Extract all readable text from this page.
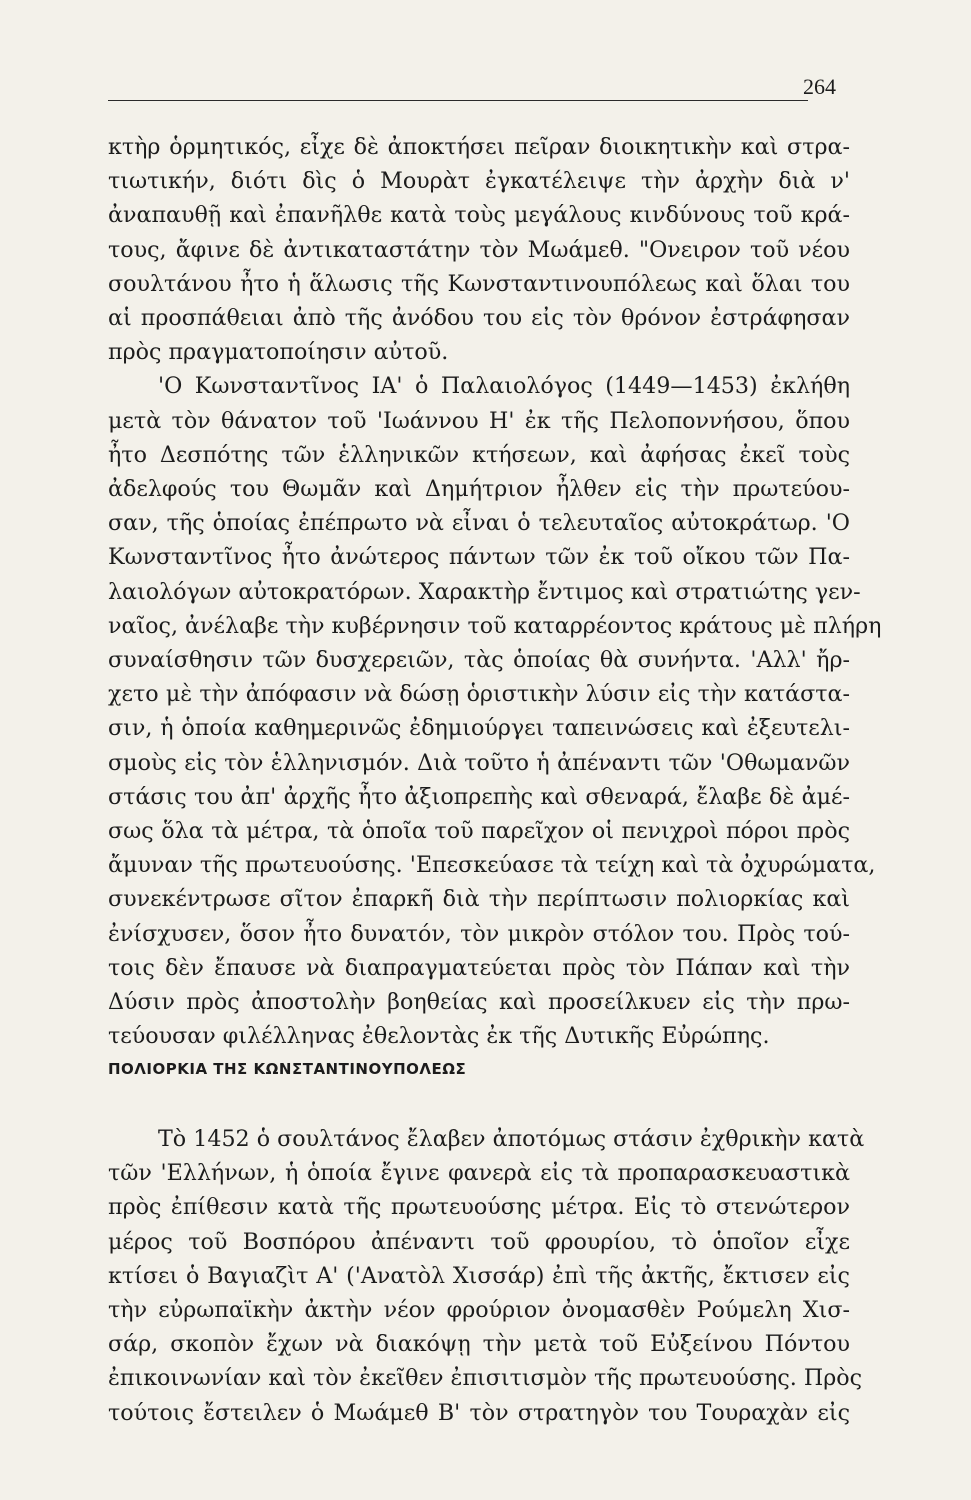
264
κτὴρ ὁρμητικός, εἶχε δὲ ἀποκτήσει πεῖραν διοικητικὴν καὶ στρα-
τιωτικήν, διότι δὶς ὁ Μουρὰτ ἐγκατέλειψε τὴν ἀρχὴν διὰ ν'
ἀναπαυθῇ καὶ ἐπανῆλθε κατὰ τοὺς μεγάλους κινδύνους τοῦ κρά-
τους, ἄφινε δὲ ἀντικαταστάτην τὸν Μωάμεθ. "Ονειρον τοῦ νέου
σουλτάνου ἦτο ἡ ἅλωσις τῆς Κωνσταντινουπόλεως καὶ ὅλαι του
αἱ προσπάθειαι ἀπὸ τῆς ἀνόδου του εἰς τὸν θρόνον ἐστράφησαν
πρὸς πραγματοποίησιν αὐτοῦ.
'Ο Κωνσταντῖνος ΙΑ' ὁ Παλαιολόγος (1449—1453) ἐκλήθη
μετὰ τὸν θάνατον τοῦ 'Ιωάννου Η' ἐκ τῆς Πελοποννήσου, ὅπου
ἦτο Δεσπότης τῶν ἑλληνικῶν κτήσεων, καὶ ἀφήσας ἐκεῖ τοὺς
ἀδελφούς του Θωμᾶν καὶ Δημήτριον ἦλθεν εἰς τὴν πρωτεύου-
σαν, τῆς ὁποίας ἐπέπρωτο νὰ εἶναι ὁ τελευταῖος αὐτοκράτωρ. 'Ο
Κωνσταντῖνος ἦτο ἀνώτερος πάντων τῶν ἐκ τοῦ οἴκου τῶν Πα-
λαιολόγων αὐτοκρατόρων. Χαρακτὴρ ἔντιμος καὶ στρατιώτης γεν-
ναῖος, ἀνέλαβε τὴν κυβέρνησιν τοῦ καταρρέοντος κράτους μὲ πλήρη
συναίσθησιν τῶν δυσχερειῶν, τὰς ὁποίας θὰ συνήντα. 'Αλλ' ἤρ-
χετο μὲ τὴν ἀπόφασιν νὰ δώσῃ ὁριστικὴν λύσιν εἰς τὴν κατάστα-
σιν, ἡ ὁποία καθημερινῶς ἐδημιούργει ταπεινώσεις καὶ ἐξευτελι-
σμοὺς εἰς τὸν ἑλληνισμόν. Διὰ τοῦτο ἡ ἀπέναντι τῶν 'Οθωμανῶν
στάσις του ἀπ' ἀρχῆς ἦτο ἀξιοπρεπὴς καὶ σθεναρά, ἔλαβε δὲ ἀμέ-
σως ὅλα τὰ μέτρα, τὰ ὁποῖα τοῦ παρεῖχον οἱ πενιχροὶ πόροι πρὸς
ἄμυναν τῆς πρωτευούσης. 'Επεσκεύασε τὰ τείχη καὶ τὰ ὀχυρώματα,
συνεκέντρωσε σῖτον ἐπαρκῆ διὰ τὴν περίπτωσιν πολιορκίας καὶ
ἐνίσχυσεν, ὅσον ἦτο δυνατόν, τὸν μικρὸν στόλον του. Πρὸς τού-
τοις δὲν ἔπαυσε νὰ διαπραγματεύεται πρὸς τὸν Πάπαν καὶ τὴν
Δύσιν πρὸς ἀποστολὴν βοηθείας καὶ προσείλκυεν εἰς τὴν πρω-
τεύουσαν φιλέλληνας ἐθελοντὰς ἐκ τῆς Δυτικῆς Εὐρώπης.
ΠΟΛΙΟΡΚΙΑ ΤΗΣ ΚΩΝΣΤΑΝΤΙΝΟΥΠΟΛΕΩΣ
Τὸ 1452 ὁ σουλτάνος ἔλαβεν ἀποτόμως στάσιν ἐχθρικὴν κατὰ
τῶν 'Ελλήνων, ἡ ὁποία ἔγινε φανερὰ εἰς τὰ προπαρασκευαστικὰ
πρὸς ἐπίθεσιν κατὰ τῆς πρωτευούσης μέτρα. Εἰς τὸ στενώτερον
μέρος τοῦ Βοσπόρου ἀπέναντι τοῦ φρουρίου, τὸ ὁποῖον εἶχε
κτίσει ὁ Βαγιαζὶτ Α' ('Ανατὸλ Χισσάρ) ἐπὶ τῆς ἀκτῆς, ἔκτισεν εἰς
τὴν εὐρωπαϊκὴν ἀκτὴν νέον φρούριον ὀνομασθὲν Ρούμελη Χισ-
σάρ, σκοπὸν ἔχων νὰ διακόψῃ τὴν μετὰ τοῦ Εὐξείνου Πόντου
ἐπικοινωνίαν καὶ τὸν ἐκεῖθεν ἐπισιτισμὸν τῆς πρωτευούσης. Πρὸς
τούτοις ἔστειλεν ὁ Μωάμεθ Β' τὸν στρατηγὸν του Τουραχὰν εἰς
